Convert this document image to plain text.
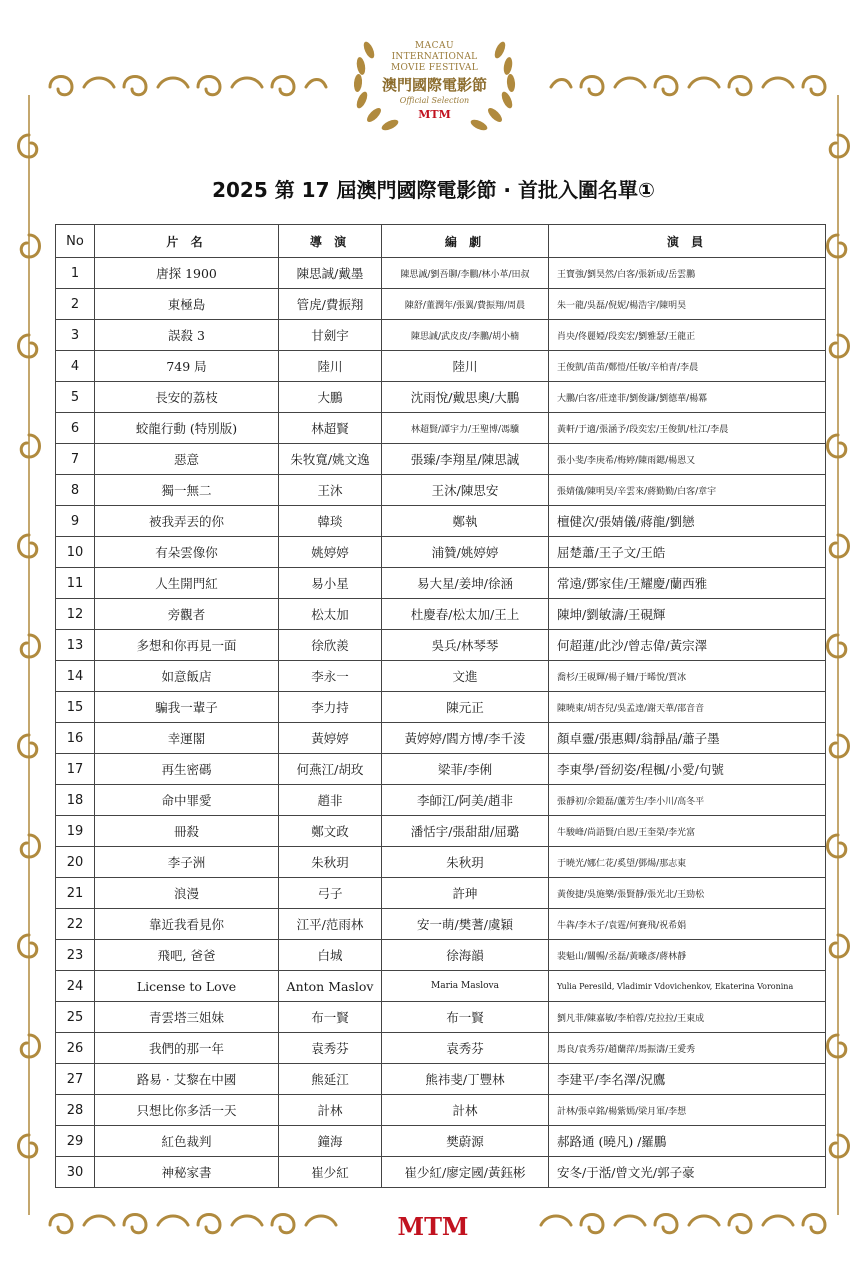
MACAU
INTERNATIONAL
MOVIE FESTIVAL
澳門國際電影節
Official Selection
MTM
2025 第 17 屆澳門國際電影節 · 首批入圍名單①
No	片 名	導 演	編 劇	演 員
1	唐探 1900	陳思誠/戴墨	陳思誠/劉吾聊/李鵬/林小革/田叔	王寶強/劉昊然/白客/張新成/岳雲鵬
2	東極島	管虎/費振翔	陳舒/董潤年/張翼/費振翔/周晨	朱一龍/吳磊/倪妮/楊浩宇/陳明昊
3	誤殺 3	甘劍宇	陳思誠/武皮皮/李鵬/胡小楠	肖央/佟麗婭/段奕宏/劉雅瑟/王龍正
4	749 局	陸川	陸川	王俊凱/苗苗/鄭愷/任敏/辛柏青/李晨
5	長安的荔枝	大鵬	沈雨悅/戴思奧/大鵬	大鵬/白客/莊達菲/劉俊謙/劉德華/楊冪
6	蛟龍行動 (特別版)	林超賢	林超賢/譚宇力/王聖博/馮驥	黃軒/于適/張涵予/段奕宏/王俊凱/杜江/李晨
7	惡意	朱牧寬/姚文逸	張臻/李翔星/陳思誠	張小斐/李庚希/梅婷/陳雨鍶/楊恩又
8	獨一無二	王沐	王沐/陳思安	張婧儀/陳明昊/辛雲來/蔣勤勤/白客/章宇
9	被我弄丟的你	韓琰	鄭執	檀健次/張婧儀/蔣龍/劉戀
10	有朵雲像你	姚婷婷	浦贊/姚婷婷	屈楚蕭/王子文/王皓
11	人生開門紅	易小星	易大星/姜坤/徐涵	常遠/鄧家佳/王耀慶/蘭西雅
12	旁觀者	松太加	杜慶春/松太加/王上	陳坤/劉敏濤/王硯輝
13	多想和你再見一面	徐欣羨	吳兵/林琴琴	何超蓮/此沙/曾志偉/黃宗澤
14	如意飯店	李永一	文進	喬杉/王硯輝/楊子姍/于晞悅/賈冰
15	騙我一輩子	李力持	陳元正	陳曉東/胡杏兒/吳孟達/謝天華/邵音音
16	幸運閣	黃婷婷	黃婷婷/閻方博/李千淩	顏卓靈/張惠卿/翁靜晶/蕭子墨
17	再生密碼	何燕江/胡玫	梁菲/李俐	李東學/晉紉姿/程楓/小愛/句號
18	命中罪愛	趙非	李師江/阿美/趙非	張靜初/佘鎧磊/蘆芳生/李小川/高冬平
19	冊殺	鄭文政	潘恬宇/張甜甜/屈璐	牛駿峰/尚語賢/白恩/王奎榮/李光富
20	李子洲	朱秋玥	朱秋玥	于曉光/娜仁花/奚望/鄧煬/那志東
21	浪漫	弓子	許珅	黃俊捷/吳施樂/張賢靜/張光北/王勁松
22	靠近我看見你	江平/范雨林	安一萌/樊蓍/虞穎	牛犇/李木子/袁霆/何賽飛/祝希娟
23	飛吧, 爸爸	白城	徐海韻	裴魁山/關暢/丞磊/黃曦彥/蔣林靜
24	License to Love	Anton Maslov	Maria Maslova	Yulia Peresild, Vladimir Vdovichenkov, Ekaterina Voronina
25	青雲塔三姐妹	布一賢	布一賢	劉凡菲/陳嘉敏/李柏蓉/克拉拉/王東成
26	我們的那一年	袁秀芬	袁秀芬	馬良/袁秀芬/趙蘭萍/馬振濤/王愛秀
27	路易 · 艾黎在中國	熊延江	熊祎斐/丁豐林	李建平/李名澤/況鷹
28	只想比你多活一天	計林	計林	計林/張卓銘/楊紫嫣/梁月軍/李想
29	紅色裁判	鐘海	樊蔚源	郝路通 (曉凡) /羅鵬
30	神秘家書	崔少紅	崔少紅/廖定國/黃鈺彬	安冬/于湉/曾文光/郭子豪
MTM
